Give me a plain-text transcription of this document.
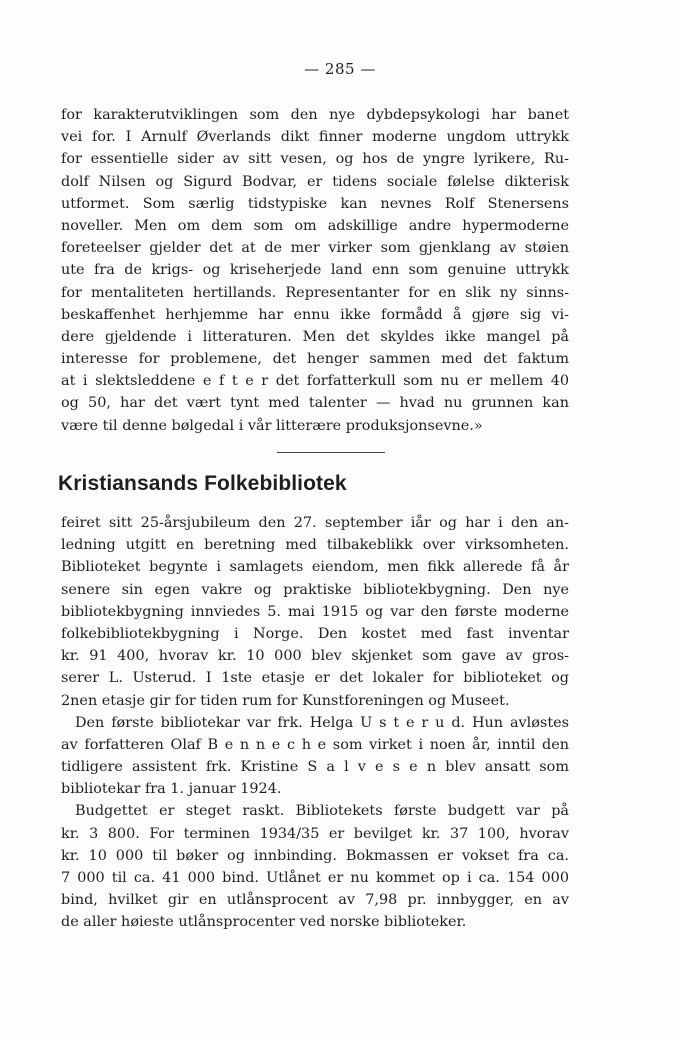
— 285 —
for karakterutviklingen som den nye dybdepsykologi har banet
vei for. I Arnulf Øverlands dikt finner moderne ungdom uttrykk
for essentielle sider av sitt vesen, og hos de yngre lyrikere, Ru-
dolf Nilsen og Sigurd Bodvar, er tidens sociale følelse dikterisk
utformet. Som særlig tidstypiske kan nevnes Rolf Stenersens
noveller. Men om dem som om adskillige andre hypermoderne
foreteelser gjelder det at de mer virker som gjenklang av støien
ute fra de krigs- og kriseherjede land enn som genuine uttrykk
for mentaliteten hertillands. Representanter for en slik ny sinns-
beskaffenhet herhjemme har ennu ikke formådd å gjøre sig vi-
dere gjeldende i litteraturen. Men det skyldes ikke mangel på
interesse for problemene, det henger sammen med det faktum
at i slektsleddene e f t e r det forfatterkull som nu er mellem 40
og 50, har det vært tynt med talenter — hvad nu grunnen kan
være til denne bølgedal i vår litterære produksjonsevne.»
Kristiansands Folkebibliotek
feiret sitt 25-årsjubileum den 27. september iår og har i den an-
ledning utgitt en beretning med tilbakeblikk over virksomheten.
Biblioteket begynte i samlagets eiendom, men fikk allerede få år
senere sin egen vakre og praktiske bibliotekbygning. Den nye
bibliotekbygning innviedes 5. mai 1915 og var den første moderne
folkebibliotekbygning i Norge. Den kostet med fast inventar
kr. 91 400, hvorav kr. 10 000 blev skjenket som gave av gros-
serer L. Usterud. I 1ste etasje er det lokaler for biblioteket og
2nen etasje gir for tiden rum for Kunstforeningen og Museet.
Den første bibliotekar var frk. Helga U s t e r u d. Hun avløstes
av forfatteren Olaf B e n n e c h e som virket i noen år, inntil den
tidligere assistent frk. Kristine S a l v e s e n blev ansatt som
bibliotekar fra 1. januar 1924.
Budgettet er steget raskt. Bibliotekets første budgett var på
kr. 3 800. For terminen 1934/35 er bevilget kr. 37 100, hvorav
kr. 10 000 til bøker og innbinding. Bokmassen er vokset fra ca.
7 000 til ca. 41 000 bind. Utlånet er nu kommet op i ca. 154 000
bind, hvilket gir en utlånsprocent av 7,98 pr. innbygger, en av
de aller høieste utlånsprocenter ved norske biblioteker.
